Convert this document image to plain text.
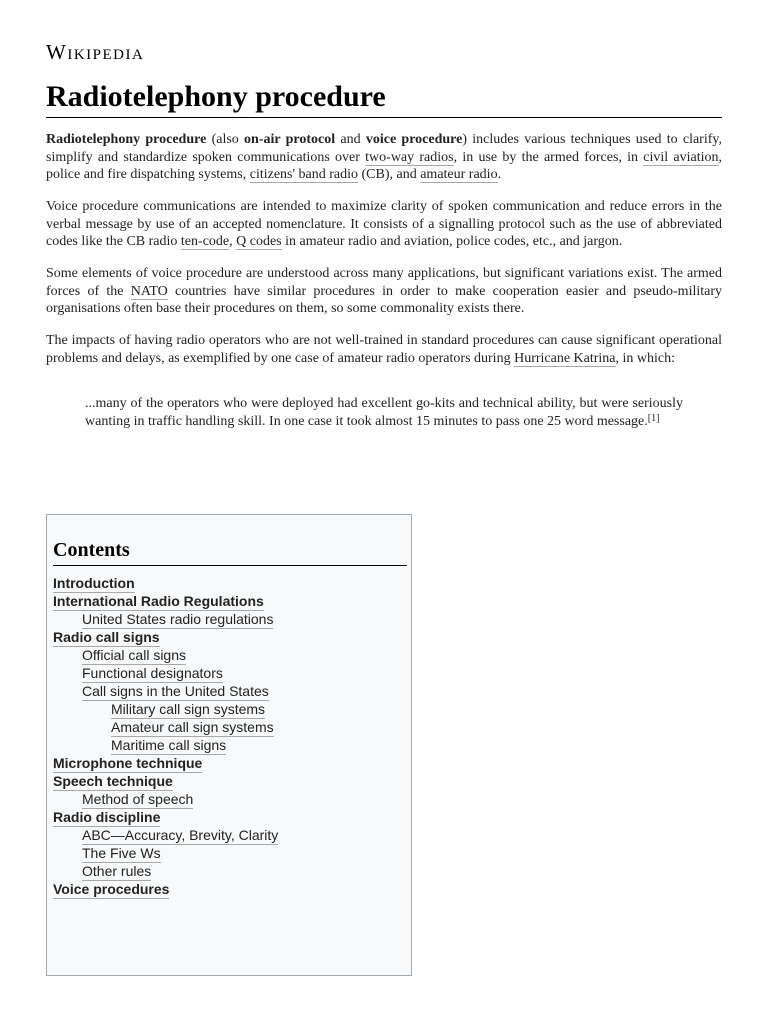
Wikipedia
Radiotelephony procedure

Radiotelephony procedure (also on-air protocol and voice procedure) includes various techniques used to clarify, simplify and standardize spoken communications over two-way radios, in use by the armed forces, in civil aviation, police and fire dispatching systems, citizens' band radio (CB), and amateur radio.

Voice procedure communications are intended to maximize clarity of spoken communication and reduce errors in the verbal message by use of an accepted nomenclature. It consists of a signalling protocol such as the use of abbreviated codes like the CB radio ten-code, Q codes in amateur radio and aviation, police codes, etc., and jargon.

Some elements of voice procedure are understood across many applications, but significant variations exist. The armed forces of the NATO countries have similar procedures in order to make cooperation easier and pseudo-military organisations often base their procedures on them, so some commonality exists there.

The impacts of having radio operators who are not well-trained in standard procedures can cause significant operational problems and delays, as exemplified by one case of amateur radio operators during Hurricane Katrina, in which:

...many of the operators who were deployed had excellent go-kits and technical ability, but were seriously wanting in traffic handling skill. In one case it took almost 15 minutes to pass one 25 word message.[1]
Contents
Introduction
International Radio Regulations
United States radio regulations
Radio call signs
Official call signs
Functional designators
Call signs in the United States
Military call sign systems
Amateur call sign systems
Maritime call signs
Microphone technique
Speech technique
Method of speech
Radio discipline
ABC—Accuracy, Brevity, Clarity
The Five Ws
Other rules
Voice procedures
